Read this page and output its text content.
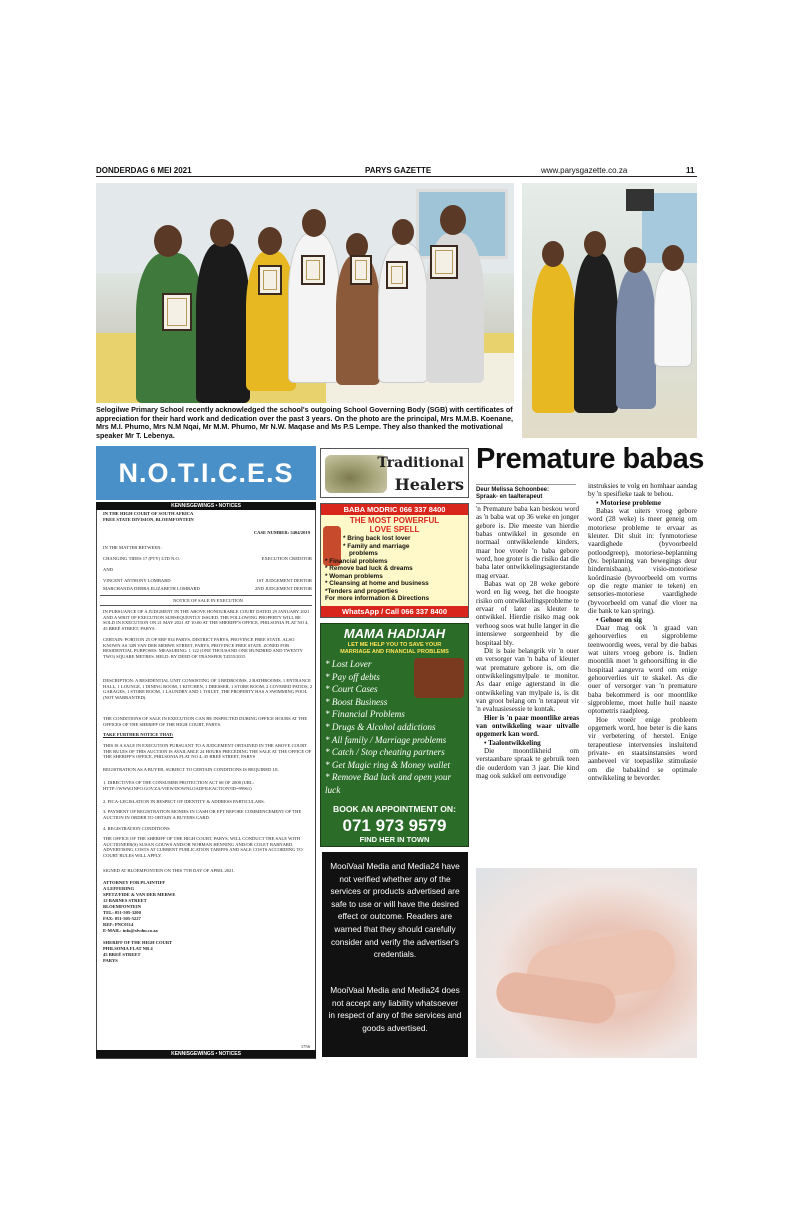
DONDERDAG 6 MEI 2021	PARYS GAZETTE	www.parysgazette.co.za	11
Selogilwe Primary School recently acknowledged the school's outgoing School Governing Body (SGB) with certificates of appreciation for their hard work and dedication over the past 3 years. On the photo are the principal, Mrs M.M.B. Koenane, Mrs M.I. Phumo, Mrs N.M Nqai, Mr M.M. Phumo, Mr N.W. Maqase and Ms P.S Lempe. They also thanked the motivational speaker Mr T. Lebenya.
N.O.T.I.C.E.S
KENNISGEWINGS • NOTICES
IN THE HIGH COURT OF SOUTH AFRICA
FREE STATE DIVISION, BLOEMFONTEIN
CASE NUMBER: 5404/2019
IN THE MATTER BETWEEN:
CHANGING TIDES 17 (PTY) LTD N.O.	EXECUTION CREDITOR
AND
VINCENT ANTHONY LOMBARD	1ST JUDGEMENT DEBTOR
MARCHANDA DEBRA ELIZABETH LOMBARD	2ND JUDGEMENT DEBTOR
NOTICE OF SALE IN EXECUTION
IN PURSUANCE OF A JUDGMENT IN THE ABOVE HONOURABLE COURT DATED 29 JANUARY 2021 AND A WRIT OF EXECUTION SUBSEQUENTLY ISSUED, THE FOLLOWING PROPERTY WILL BE SOLD IN EXECUTION ON 21 MAY 2021 AT 10:00 AT THE SHERIFF'S OFFICE, PHILSONIA FLAT NO 4, 45 BREË STREET, PARYS.
CERTAIN: PORTION 25 OF ERF 834 PARYS, DISTRICT PARYS, PROVINCE FREE STATE. ALSO KNOWN AS 32B VAN DER MERWE STREET, PARYS, PROVINCE FREE STATE. ZONED FOR RESIDENTIAL PURPOSES. MEASURING: 1 122 (ONE THOUSAND ONE HUNDRED AND TWENTY TWO) SQUARE METRES. HELD: BY DEED OF TRANSFER T4555/2015
DESCRIPTION: A RESIDENTIAL UNIT CONSISTING OF 3 BEDROOMS, 2 BATHROOMS, 1 ENTRANCE HALL, 1 LOUNGE, 1 DINING ROOM, 1 KITCHEN, 1 DRESSER, 1 STORE ROOM, 2 COVERED PATIOS, 2 GARAGES, 1 STORE ROOM, 1 LAUNDRY AND 1 TOILET. THE PROPERTY HAS A SWIMMING POOL (NOT WARRANTED).
THE CONDITIONS OF SALE IN EXECUTION CAN BE INSPECTED DURING OFFICE HOURS AT THE OFFICES OF THE SHERIFF OF THE HIGH COURT, PARYS.
TAKE FURTHER NOTICE THAT:
THIS IS A SALE IN EXECUTION PURSUANT TO A JUDGEMENT OBTAINED IN THE ABOVE COURT. THE RULES OF THIS AUCTION IS AVAILABLE 24 HOURS PRECEDING THE SALE AT THE OFFICE OF THE SHERIFF'S OFFICE, PHILSONIA FLAT NO 4, 45 BREË STREET, PARYS
REGISTRATION AS A BUYER, SUBJECT TO CERTAIN CONDITIONS IS REQUIRED I.E.
1. DIRECTIVES OF THE CONSUMER PROTECTION ACT 68 OF 2008 (URL: HTTP://WWW.INFO.GOV.ZA/VIEW/DOWNLOADFILEACTION?ID=99961)
2. FICA-LEGISLATION IN RESPECT OF IDENTITY & ADDRESS PARTICULARS.
3. PAYMENT OF REGISTRATION MONIES IN CASH OR EFT BEFORE COMMENCEMENT OF THE AUCTION IN ORDER TO OBTAIN A BUYERS CARD.
4. REGISTRATION CONDITIONS
THE OFFICE OF THE SHERIFF OF THE HIGH COURT, PARYS, WILL CONDUCT THE SALE WITH AUCTIONEER(S) SUSAN GOUWS AND/OR NORMAN HENNING AND/OR COLET BARNARD. ADVERTISING COSTS AT CURRENT PUBLICATION TARIFFS AND SALE COSTS ACCORDING TO COURT RULES WILL APPLY.
SIGNED AT BLOEMFONTEIN ON THIS 7TH DAY OF APRIL 2021.
ATTORNEY FOR PLAINTIFF
A LEFFERING
SPETZ/FIDE & VAN DER MERWE
12 BARNES STREET
BLOEMFONTEIN
TEL: 051-505-3200
FAX: 051-505-5227
REF: PNC0114
E-MAIL: info@sfvdm.co.za
SHERIFF OF THE HIGH COURT
PHILSONIA FLAT NR 4
45 BREË STREET
PARYS
1756
KENNISGEWINGS • NOTICES
Traditional
Healers
BABA MODRIC 066 337 8400
THE MOST POWERFUL
LOVE SPELL
* Bring back lost lover
* Family and marriage
problems
* Financial problems
* Remove bad luck & dreams
* Woman problems
* Cleansing at home and business
*Tenders and properties
For more information & Directions
WhatsApp / Call 066 337 8400
MAMA HADIJAH
LET ME HELP YOU TO SAVE YOUR
MARRIAGE AND FINANCIAL PROBLEMS
* Lost Lover
* Pay off debts
* Court Cases
* Boost Business
* Financial Problems
* Drugs & Alcohol addictions
* All family / Marriage problems
* Catch / Stop cheating partners
* Get Magic ring & Money wallet
* Remove Bad luck and open your luck
BOOK AN APPOINTMENT ON:
071 973 9579
FIND HER IN TOWN
MooiVaal Media and Media24 have not verified whether any of the services or products advertised are safe to use or will have the desired effect or outcome. Readers are warned that they should carefully consider and verify the advertiser's credentials.
MooiVaal Media and Media24 does not accept any liability whatsoever in respect of any of the services and goods advertised.
Premature babas
Deur Melissa Schoonbee:
Spraak- en taalterapeut

'n Premature baba kan beskou word as 'n baba wat op 36 weke en jonger gebore is. Die meeste van hierdie babas ontwikkel in gesonde en normaal ontwikkelende kinders, maar hoe vroeër 'n baba gebore word, hoe groter is die risiko dat die baba later ontwikkelingsagterstande mag ervaar.

Babas wat op 28 weke gebore word en lig weeg, het die hoogste risiko om ontwikkelingsprobleme te ervaar of later as kleuter te ontwikkel. Hierdie risiko mag ook verhoog soos wat hulle langer in die intensiewe sorgeenheid by die hospitaal bly.

Dit is baie belangrik vir 'n ouer en versorger van 'n baba of kleuter wat premature gebore is, om die ontwikkelingsmylpale te monitor. As daar enige agterstand in die ontwikkeling van mylpale is, is dit van groot belang om 'n terapeut vir 'n evaluasiesessie te kontak.

Hier is 'n paar moontlike areas van ontwikkeling waar uitvalle opgemerk kan word.

• Taalontwikkeling

Die moontlikheid om verstaanbare spraak te gebruik teen die ouderdom van 3 jaar. Die kind mag ook sukkel om eenvoudige

instruksies te volg en homhaar aandag by 'n spesifieke taak te behou.

• Motoriese probleme

Babas wat uiters vroeg gebore word (28 weke) is meer geneig om motoriese probleme te ervaar as kleuter. Dit sluit in: fynmotoriese vaardighede (byvoorbeeld potloodgreep), motoriese-beplanning (bv. beplanning van bewegings deur hindernisbaan), visio-motoriese koördinasie (byvoorbeeld om vorms op die regte manier te teken) en sensories-motoriese vaardighede (byvoorbeeld om vanaf die vloer na die bank te kan spring).

• Gehoor en sig

Daar mag ook 'n graad van gehoorverlies en sigprobleme teenwoordig wees, veral by die babas wat uiters vroeg gebore is. Indien moontlik moet 'n gehoorsifting in die hospitaal aangevra word om enige gehoorverlies uit te skakel. As die ouer of versorger van 'n premature baba bekommerd is oor moontlike sigprobleme, moet hulle huil naaste optometris raadpleeg.

Hoe vroeër enige probleem opgemerk word, hoe beter is die kans vir verbetering of herstel. Enige terapeutiese intervensies insluitend private- en staatsinstansies word aanbeveel vir toepaslike stimulasie om die babakind se optimale ontwikkeling te bevorder.
